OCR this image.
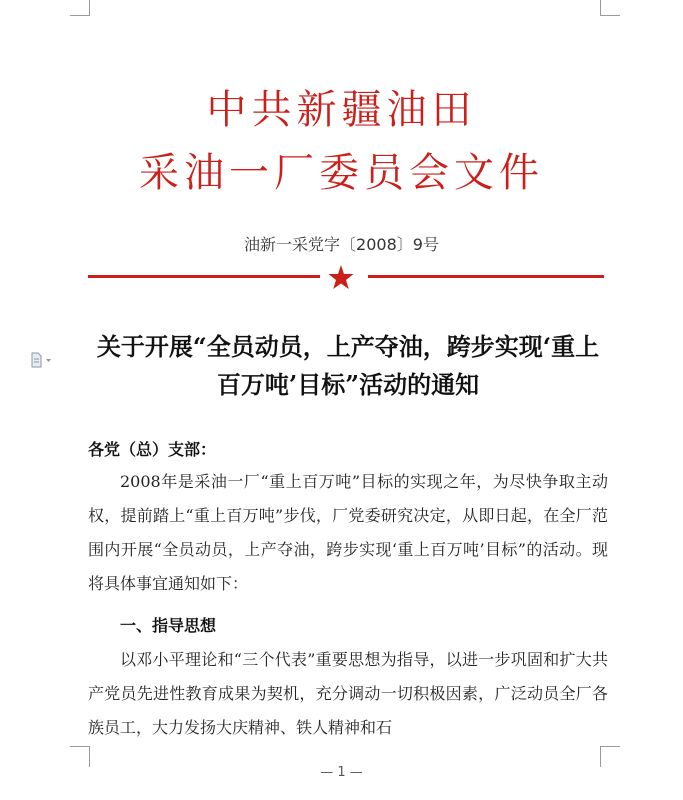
中共新疆油田
采油一厂委员会文件
油新一采党字〔2008〕9号
关于开展“全员动员，上产夺油，跨步实现‘重上百万吨’目标”活动的通知
各党（总）支部：
2008年是采油一厂“重上百万吨”目标的实现之年，为尽快争取主动权，提前踏上“重上百万吨”步伐，厂党委研究决定，从即日起，在全厂范围内开展“全员动员，上产夺油，跨步实现‘重上百万吨’目标”的活动。现将具体事宜通知如下：
一、指导思想
以邓小平理论和“三个代表”重要思想为指导，以进一步巩固和扩大共产党员先进性教育成果为契机，充分调动一切积极因素，广泛动员全厂各族员工，大力发扬大庆精神、铁人精神和石
— 1 —
